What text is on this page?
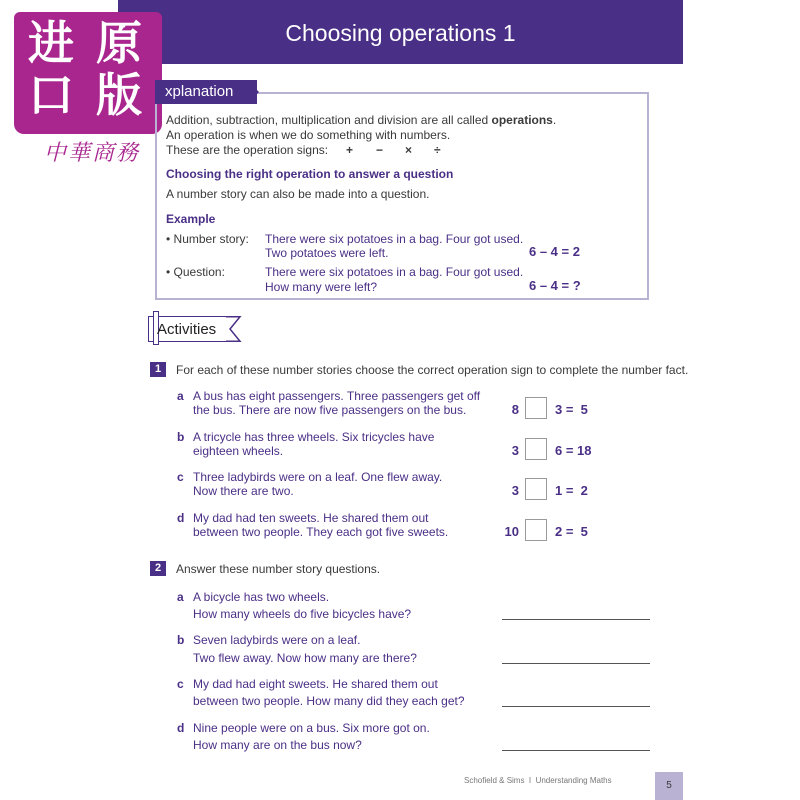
Choosing operations 1
进 原
口 版
中華商務
xplanation
Addition, subtraction, multiplication and division are all called operations.
An operation is when we do something with numbers.
These are the operation signs: + − × ÷
Choosing the right operation to answer a question
A number story can also be made into a question.
Example
• Number story: There were six potatoes in a bag. Four got used.
Two potatoes were left.	6 – 4 = 2
• Question:	There were six potatoes in a bag. Four got used.
How many were left?	6 – 4 = ?
Activities
1	For each of these number stories choose the correct operation sign to complete the number fact.
a A bus has eight passengers. Three passengers get off
the bus. There are now five passengers on the bus.	8	3 =  5
b A tricycle has three wheels. Six tricycles have
eighteen wheels.	3	6 = 18
c Three ladybirds were on a leaf. One flew away.
Now there are two.	3	1 =  2
d My dad had ten sweets. He shared them out
between two people. They each got five sweets.	10	2 =  5
2	Answer these number story questions.
a A bicycle has two wheels.
How many wheels do five bicycles have?
b Seven ladybirds were on a leaf.
Two flew away. Now how many are there?
c My dad had eight sweets. He shared them out
between two people. How many did they each get?
d Nine people were on a bus. Six more got on.
How many are on the bus now?
Schofield & Sims  I  Understanding Maths	5
